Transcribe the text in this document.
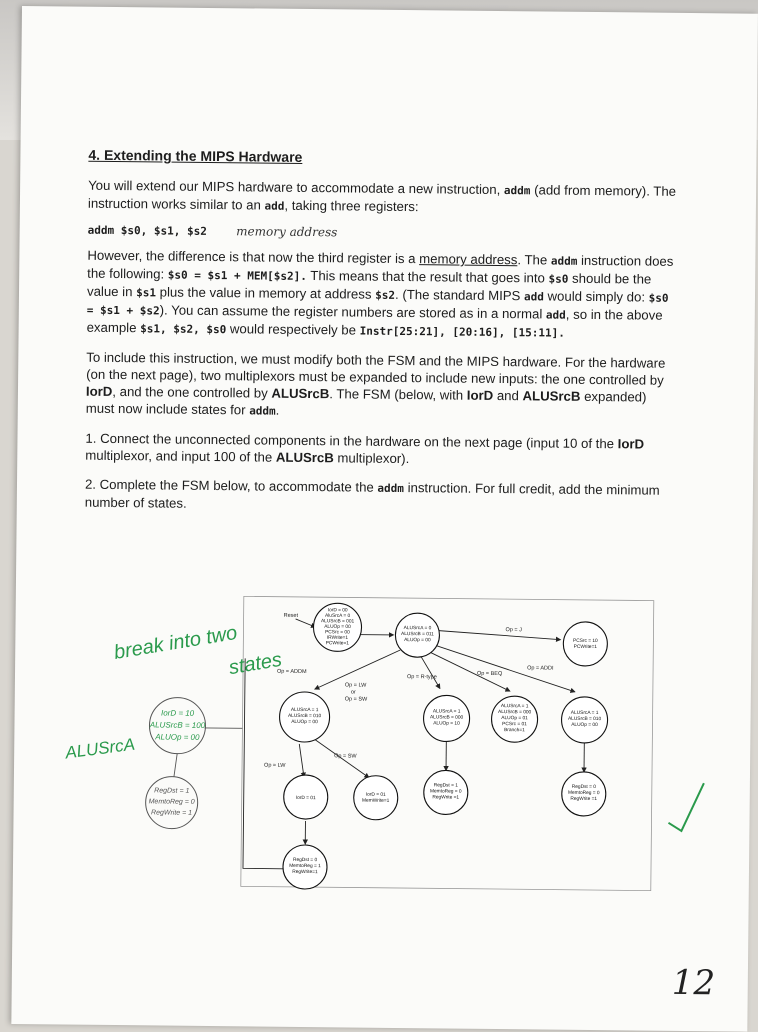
4. Extending the MIPS Hardware

You will extend our MIPS hardware to accommodate a new instruction, addm (add from memory). The instruction works similar to an add, taking three registers:

addm $s0, $s1, $s2 memory address

However, the difference is that now the third register is a memory address. The addm instruction does the following: $s0 = $s1 + MEM[$s2]. This means that the result that goes into $s0 should be the value in $s1 plus the value in memory at address $s2. (The standard MIPS add would simply do: $s0 = $s1 + $s2). You can assume the register numbers are stored as in a normal add, so in the above example $s1, $s2, $s0 would respectively be Instr[25:21], [20:16], [15:11].

To include this instruction, we must modify both the FSM and the MIPS hardware. For the hardware (on the next page), two multiplexors must be expanded to include new inputs: the one controlled by IorD, and the one controlled by ALUSrcB. The FSM (below, with IorD and ALUSrcB expanded) must now include states for addm.

1. Connect the unconnected components in the hardware on the next page (input 10 of the IorD multiplexor, and input 100 of the ALUSrcB multiplexor).

2. Complete the FSM below, to accommodate the addm instruction. For full credit, add the minimum number of states.

Op = J
Op = ADDM
Op = R-type
Op = BEQ
Op = ADDI
Op = LW
or
Op = SW
Op = LW
Op = SW
Reset
IorD = 00
AluSrcA = 0
ALUSrcB = 001
ALUOp = 00
PCSrc = 00
IRWrite=1
PCWrite=1
ALUSrcA = 0
ALUSrcB = 011
ALUOp = 00	PCSrc = 10
PCWrite=1
ALUSrcA = 1
ALUSrcB = 010
ALUOp = 00
ALUSrcA = 1
ALUSrcB = 000
ALUOp = 10
ALUSrcA = 1
ALUSrcB = 000
ALUOp = 01
PCSrc = 01
Branch=1
ALUSrcA = 1
ALUSrcB = 010
ALUOp = 00
IorD = 01
IorD = 01
MemWrite=1
RegDst = 1
MemtoReg = 0
RegWrite =1
RegDst = 0
MemtoReg = 0
RegWrite =1
RegDst = 0
MemtoReg = 1
RegWrite=1
break into two
states
ALUSrcA
IorD = 10
ALUSrcB = 100
ALUOp = 00
RegDst = 1
MemtoReg = 0
RegWrite = 1
12
